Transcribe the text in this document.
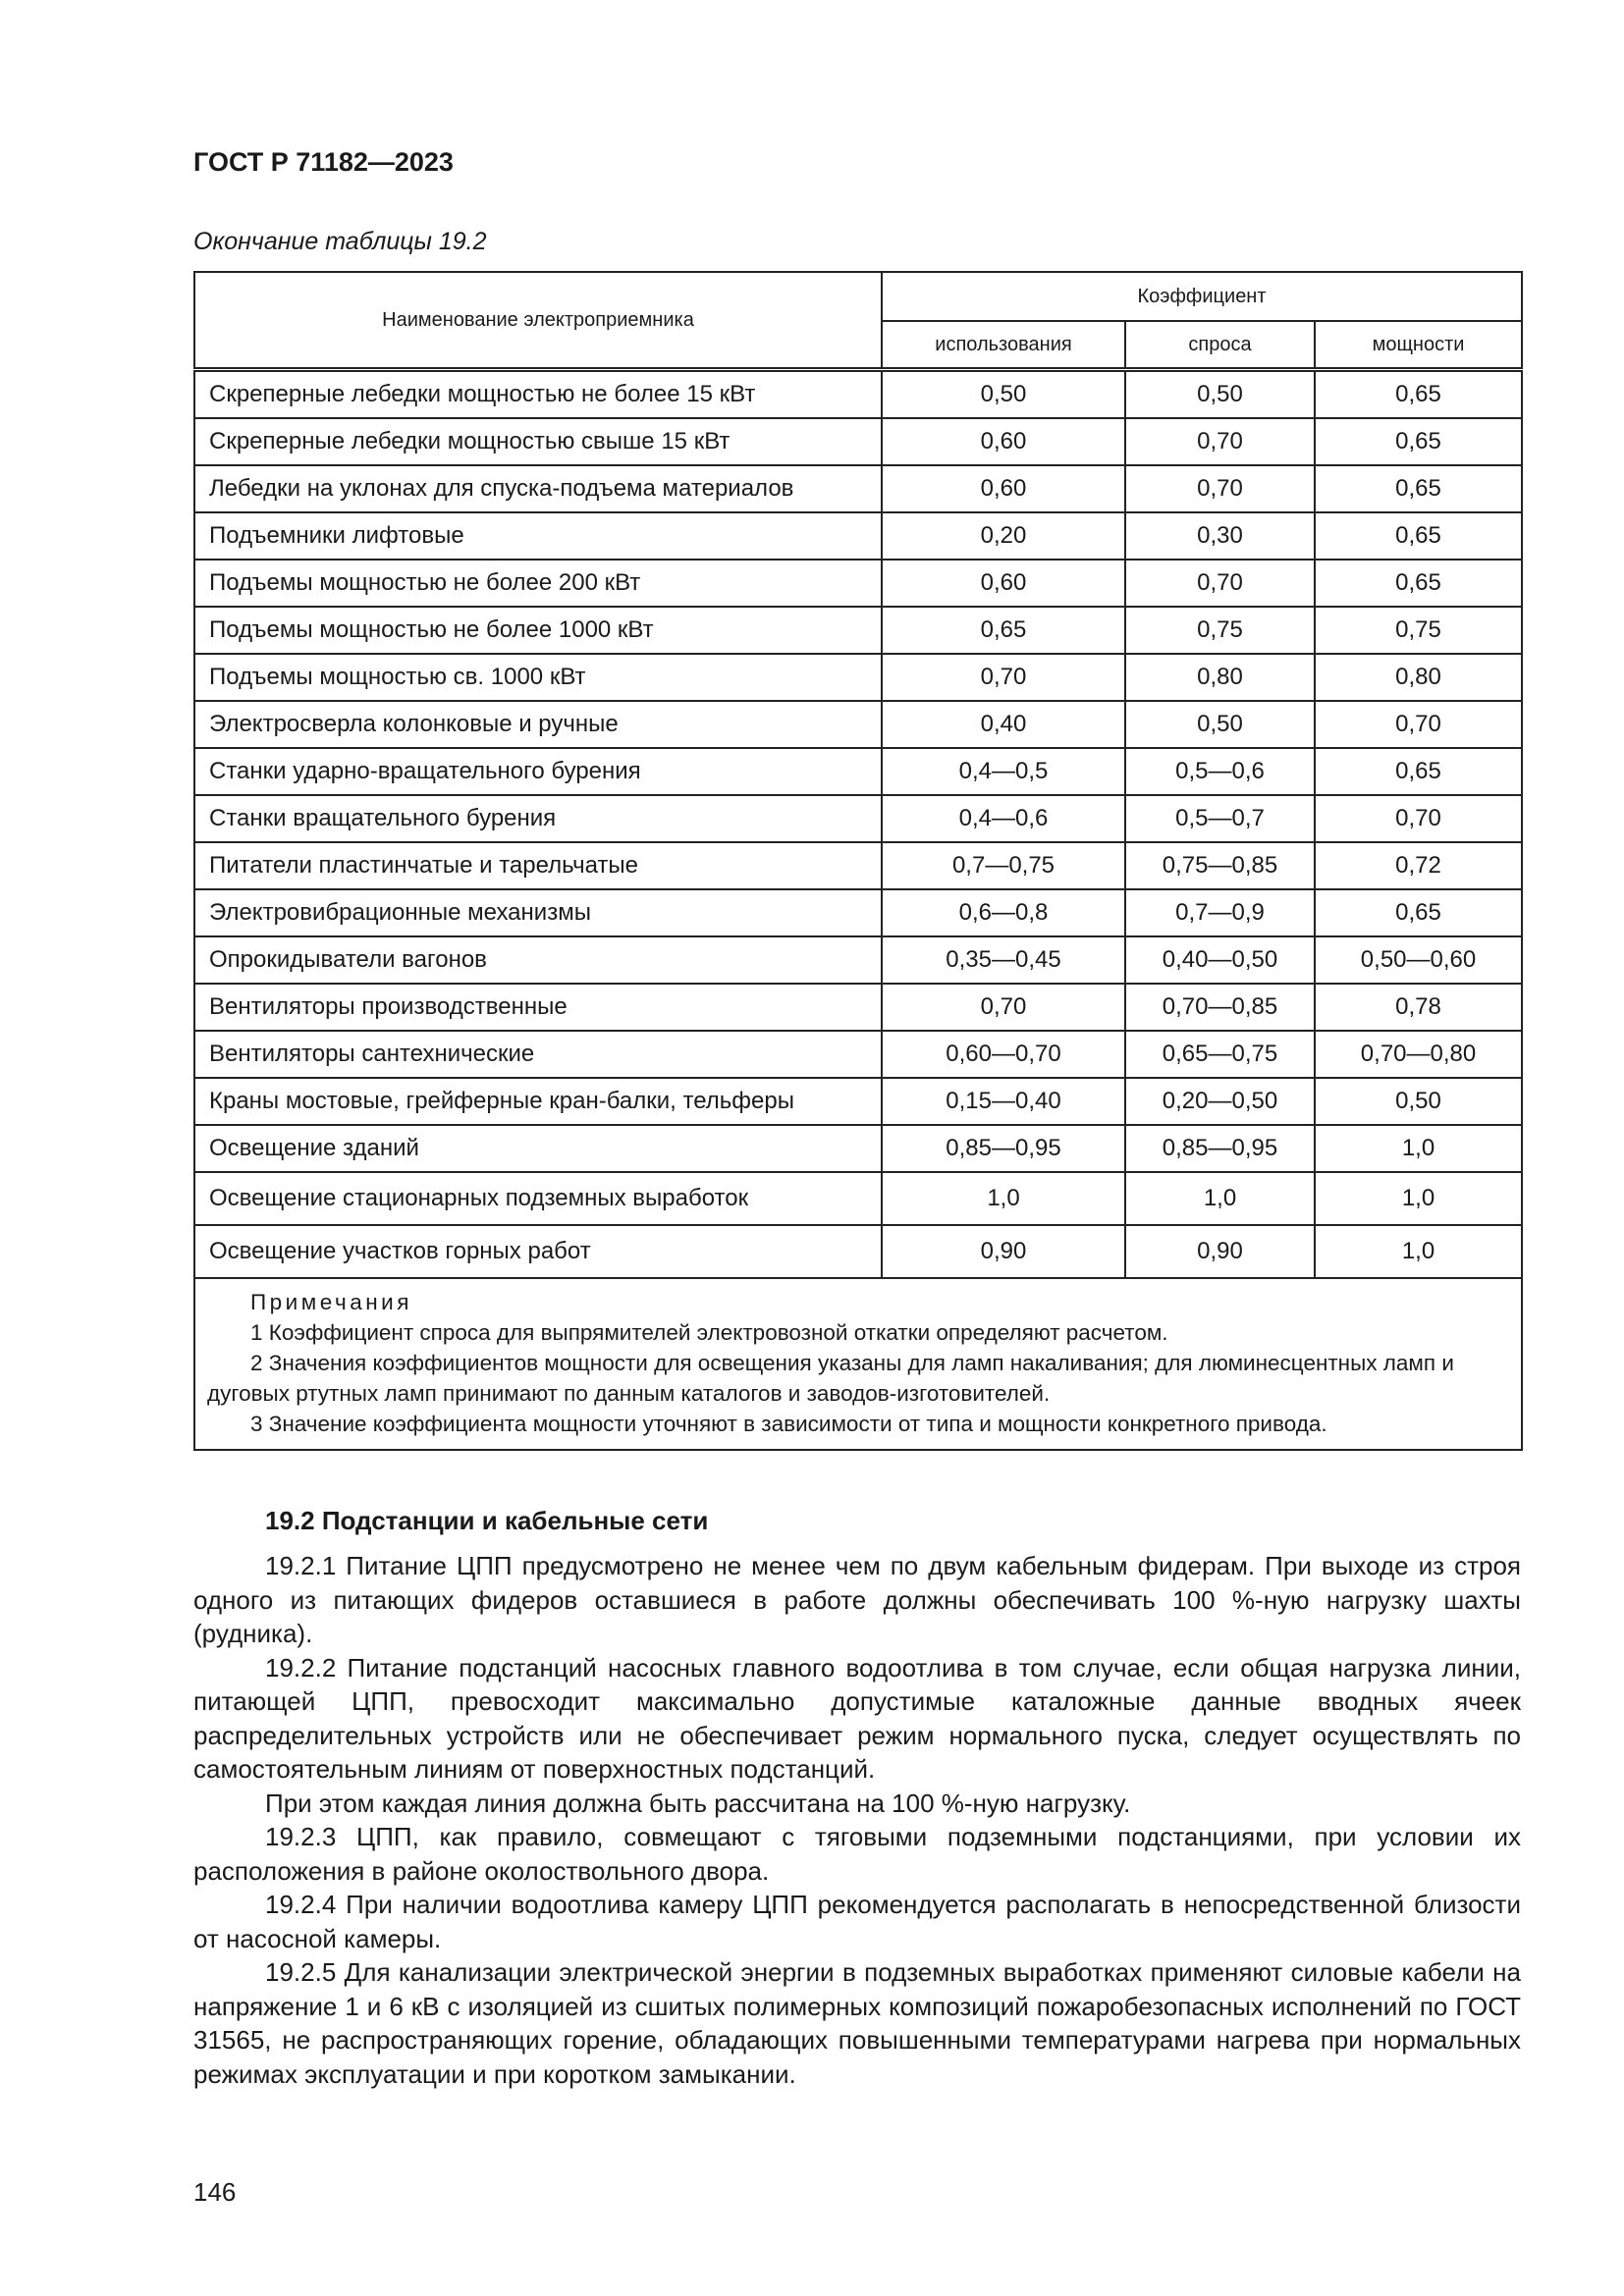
ГОСТ Р 71182—2023
Окончание таблицы 19.2
Наименование электроприемника	Коэффициент		
	использования	спроса	мощности
Скреперные лебедки мощностью не более 15 кВт	0,50	0,50	0,65
Скреперные лебедки мощностью свыше 15 кВт	0,60	0,70	0,65
Лебедки на уклонах для спуска-подъема материалов	0,60	0,70	0,65
Подъемники лифтовые	0,20	0,30	0,65
Подъемы мощностью не более 200 кВт	0,60	0,70	0,65
Подъемы мощностью не более 1000 кВт	0,65	0,75	0,75
Подъемы мощностью св. 1000 кВт	0,70	0,80	0,80
Электросверла колонковые и ручные	0,40	0,50	0,70
Станки ударно-вращательного бурения	0,4—0,5	0,5—0,6	0,65
Станки вращательного бурения	0,4—0,6	0,5—0,7	0,70
Питатели пластинчатые и тарельчатые	0,7—0,75	0,75—0,85	0,72
Электровибрационные механизмы	0,6—0,8	0,7—0,9	0,65
Опрокидыватели вагонов	0,35—0,45	0,40—0,50	0,50—0,60
Вентиляторы производственные	0,70	0,70—0,85	0,78
Вентиляторы сантехнические	0,60—0,70	0,65—0,75	0,70—0,80
Краны мостовые, грейферные кран-балки, тельферы	0,15—0,40	0,20—0,50	0,50
Освещение зданий	0,85—0,95	0,85—0,95	1,0
Освещение стационарных подземных выработок	1,0	1,0	1,0
Освещение участков горных работ	0,90	0,90	1,0
Примечания
1 Коэффициент спроса для выпрямителей электровозной откатки определяют расчетом.
2 Значения коэффициентов мощности для освещения указаны для ламп накаливания; для люминесцентных ламп и дуговых ртутных ламп принимают по данным каталогов и заводов-изготовителей.
3 Значение коэффициента мощности уточняют в зависимости от типа и мощности конкретного привода.			
19.2 Подстанции и кабельные сети

19.2.1 Питание ЦПП предусмотрено не менее чем по двум кабельным фидерам. При выходе из строя одного из питающих фидеров оставшиеся в работе должны обеспечивать 100 %-ную нагрузку шахты (рудника).

19.2.2 Питание подстанций насосных главного водоотлива в том случае, если общая нагрузка линии, питающей ЦПП, превосходит максимально допустимые каталожные данные вводных ячеек распределительных устройств или не обеспечивает режим нормального пуска, следует осуществлять по самостоятельным линиям от поверхностных подстанций.

При этом каждая линия должна быть рассчитана на 100 %-ную нагрузку.

19.2.3 ЦПП, как правило, совмещают с тяговыми подземными подстанциями, при условии их расположения в районе околоствольного двора.

19.2.4 При наличии водоотлива камеру ЦПП рекомендуется располагать в непосредственной близости от насосной камеры.

19.2.5 Для канализации электрической энергии в подземных выработках применяют силовые кабели на напряжение 1 и 6 кВ с изоляцией из сшитых полимерных композиций пожаробезопасных исполнений по ГОСТ 31565, не распространяющих горение, обладающих повышенными температурами нагрева при нормальных режимах эксплуатации и при коротком замыкании.

146
